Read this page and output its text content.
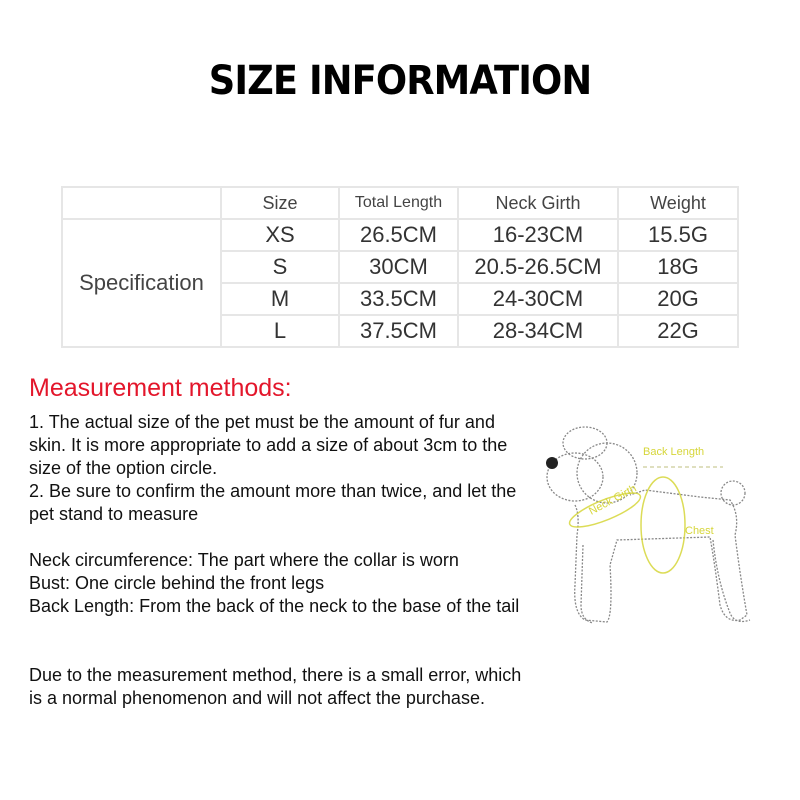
SIZE INFORMATION
	Size	Total Length	Neck Girth	Weight
Specification	XS	26.5CM	16-23CM	15.5G
	S	30CM	20.5-26.5CM	18G
	M	33.5CM	24-30CM	20G
	L	37.5CM	28-34CM	22G
Measurement methods:

1. The actual size of the pet must be the amount of fur and skin. It is more appropriate to add a size of about 3cm to the size of the option circle.

2. Be sure to confirm the amount more than twice, and let the pet stand to measure

Neck circumference: The part where the collar is worn

Bust: One circle behind the front legs

Back Length: From the back of the neck to the base of the tail

Due to the measurement method, there is a small error, which is a normal phenomenon and will not affect the purchase.

Back Length
Neck Girth
Chest
